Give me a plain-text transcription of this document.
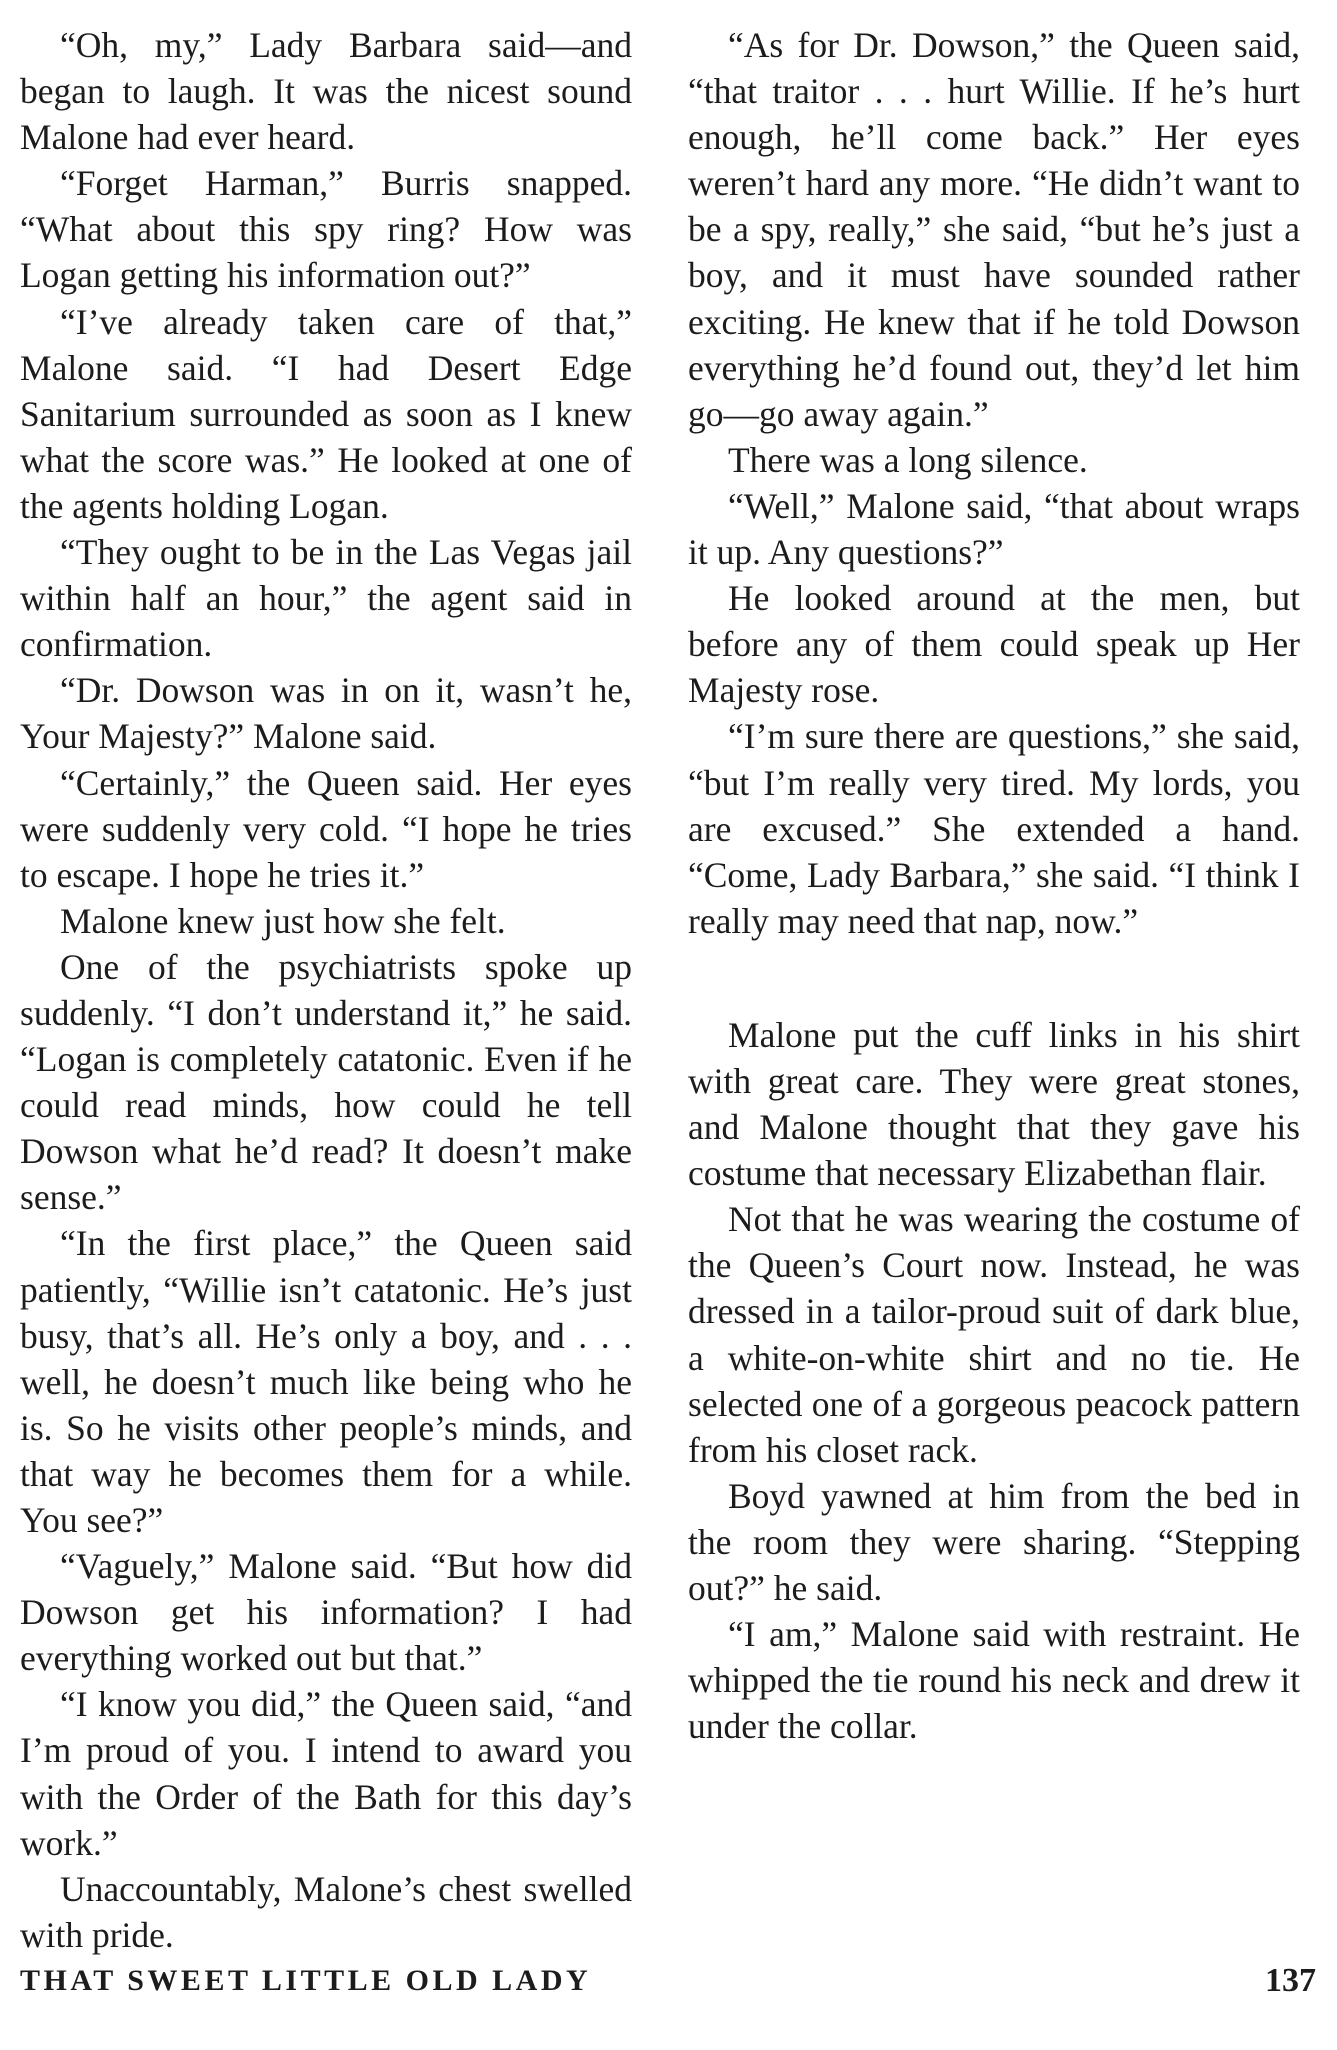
“Oh, my,” Lady Barbara said—and began to laugh. It was the nicest sound Malone had ever heard.

“Forget Harman,” Burris snapped. “What about this spy ring? How was Logan getting his information out?”

“I’ve already taken care of that,” Malone said. “I had Desert Edge Sanitarium surrounded as soon as I knew what the score was.” He looked at one of the agents holding Logan.

“They ought to be in the Las Vegas jail within half an hour,” the agent said in confirmation.

“Dr. Dowson was in on it, wasn’t he, Your Majesty?” Malone said.

“Certainly,” the Queen said. Her eyes were suddenly very cold. “I hope he tries to escape. I hope he tries it.”

Malone knew just how she felt.

One of the psychiatrists spoke up suddenly. “I don’t understand it,” he said. “Logan is completely catatonic. Even if he could read minds, how could he tell Dowson what he’d read? It doesn’t make sense.”

“In the first place,” the Queen said patiently, “Willie isn’t catatonic. He’s just busy, that’s all. He’s only a boy, and . . . well, he doesn’t much like being who he is. So he visits other people’s minds, and that way he becomes them for a while. You see?”

“Vaguely,” Malone said. “But how did Dowson get his information? I had everything worked out but that.”

“I know you did,” the Queen said, “and I’m proud of you. I intend to award you with the Order of the Bath for this day’s work.”

Unaccountably, Malone’s chest swelled with pride.

“As for Dr. Dowson,” the Queen said, “that traitor . . . hurt Willie. If he’s hurt enough, he’ll come back.” Her eyes weren’t hard any more. “He didn’t want to be a spy, really,” she said, “but he’s just a boy, and it must have sounded rather exciting. He knew that if he told Dowson everything he’d found out, they’d let him go—go away again.”

There was a long silence.

“Well,” Malone said, “that about wraps it up. Any questions?”

He looked around at the men, but before any of them could speak up Her Majesty rose.

“I’m sure there are questions,” she said, “but I’m really very tired. My lords, you are excused.” She extended a hand. “Come, Lady Barbara,” she said. “I think I really may need that nap, now.”

Malone put the cuff links in his shirt with great care. They were great stones, and Malone thought that they gave his costume that necessary Elizabethan flair.

Not that he was wearing the costume of the Queen’s Court now. Instead, he was dressed in a tailor-proud suit of dark blue, a white-on-white shirt and no tie. He selected one of a gorgeous peacock pattern from his closet rack.

Boyd yawned at him from the bed in the room they were sharing. “Stepping out?” he said.

“I am,” Malone said with restraint. He whipped the tie round his neck and drew it under the collar.

THAT SWEET LITTLE OLD LADY	137
